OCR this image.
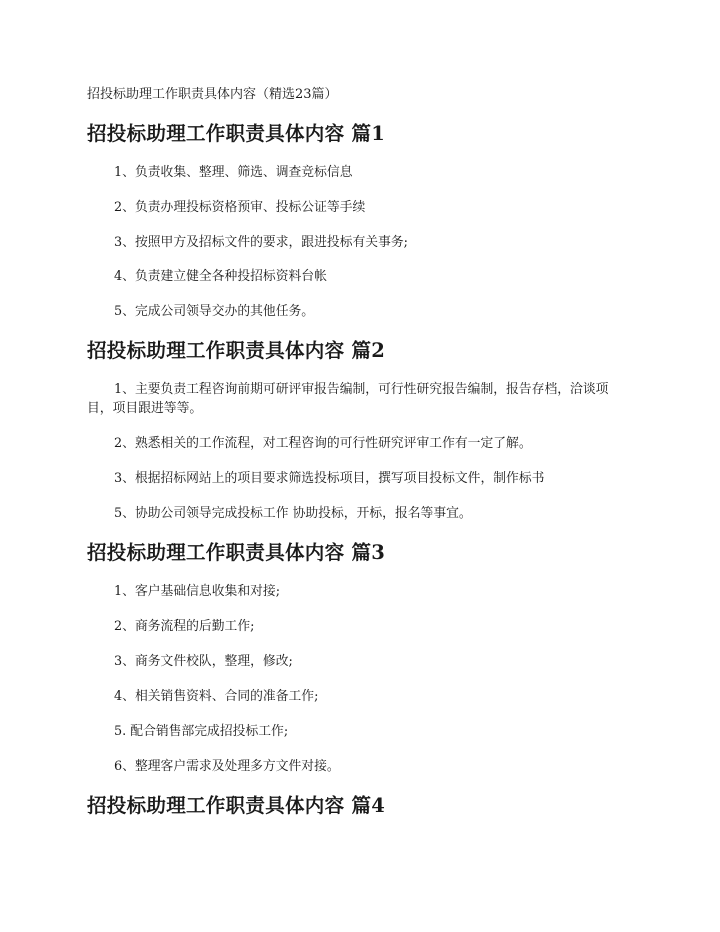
招投标助理工作职责具体内容（精选23篇）
招投标助理工作职责具体内容 篇1
1、负责收集、整理、筛选、调查竞标信息
2、负责办理投标资格预审、投标公证等手续
3、按照甲方及招标文件的要求，跟进投标有关事务;
4、负责建立健全各种投招标资料台帐
5、完成公司领导交办的其他任务。
招投标助理工作职责具体内容 篇2
1、主要负责工程咨询前期可研评审报告编制，可行性研究报告编制，报告存档，洽谈项目，项目跟进等等。
2、熟悉相关的工作流程，对工程咨询的可行性研究评审工作有一定了解。
3、根据招标网站上的项目要求筛选投标项目，撰写项目投标文件，制作标书
5、协助公司领导完成投标工作 协助投标，开标，报名等事宜。
招投标助理工作职责具体内容 篇3
1、客户基础信息收集和对接;
2、商务流程的后勤工作;
3、商务文件校队，整理，修改;
4、相关销售资料、合同的准备工作;
5. 配合销售部完成招投标工作;
6、整理客户需求及处理多方文件对接。
招投标助理工作职责具体内容 篇4
